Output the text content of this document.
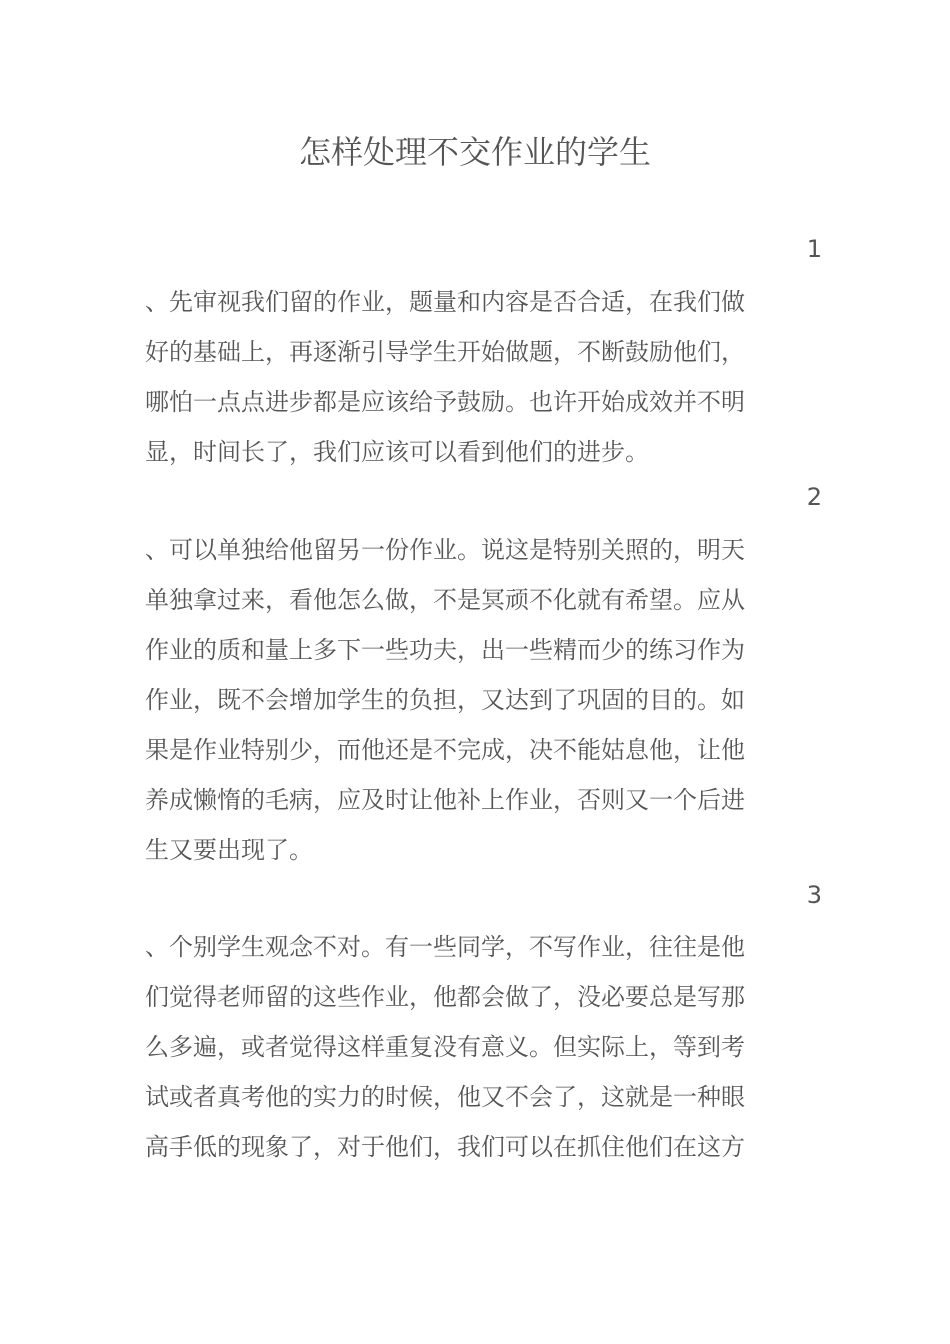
怎样处理不交作业的学生
1

、先审视我们留的作业，题量和内容是否合适，在我们做
好的基础上，再逐渐引导学生开始做题，不断鼓励他们，
哪怕一点点进步都是应该给予鼓励。也许开始成效并不明
显，时间长了，我们应该可以看到他们的进步。

2

、可以单独给他留另一份作业。说这是特别关照的，明天
单独拿过来，看他怎么做，不是冥顽不化就有希望。应从
作业的质和量上多下一些功夫，出一些精而少的练习作为
作业，既不会增加学生的负担，又达到了巩固的目的。如
果是作业特别少，而他还是不完成，决不能姑息他，让他
养成懒惰的毛病，应及时让他补上作业，否则又一个后进
生又要出现了。

3

、个别学生观念不对。有一些同学，不写作业，往往是他
们觉得老师留的这些作业，他都会做了，没必要总是写那
么多遍，或者觉得这样重复没有意义。但实际上，等到考
试或者真考他的实力的时候，他又不会了，这就是一种眼
高手低的现象了，对于他们，我们可以在抓住他们在这方
